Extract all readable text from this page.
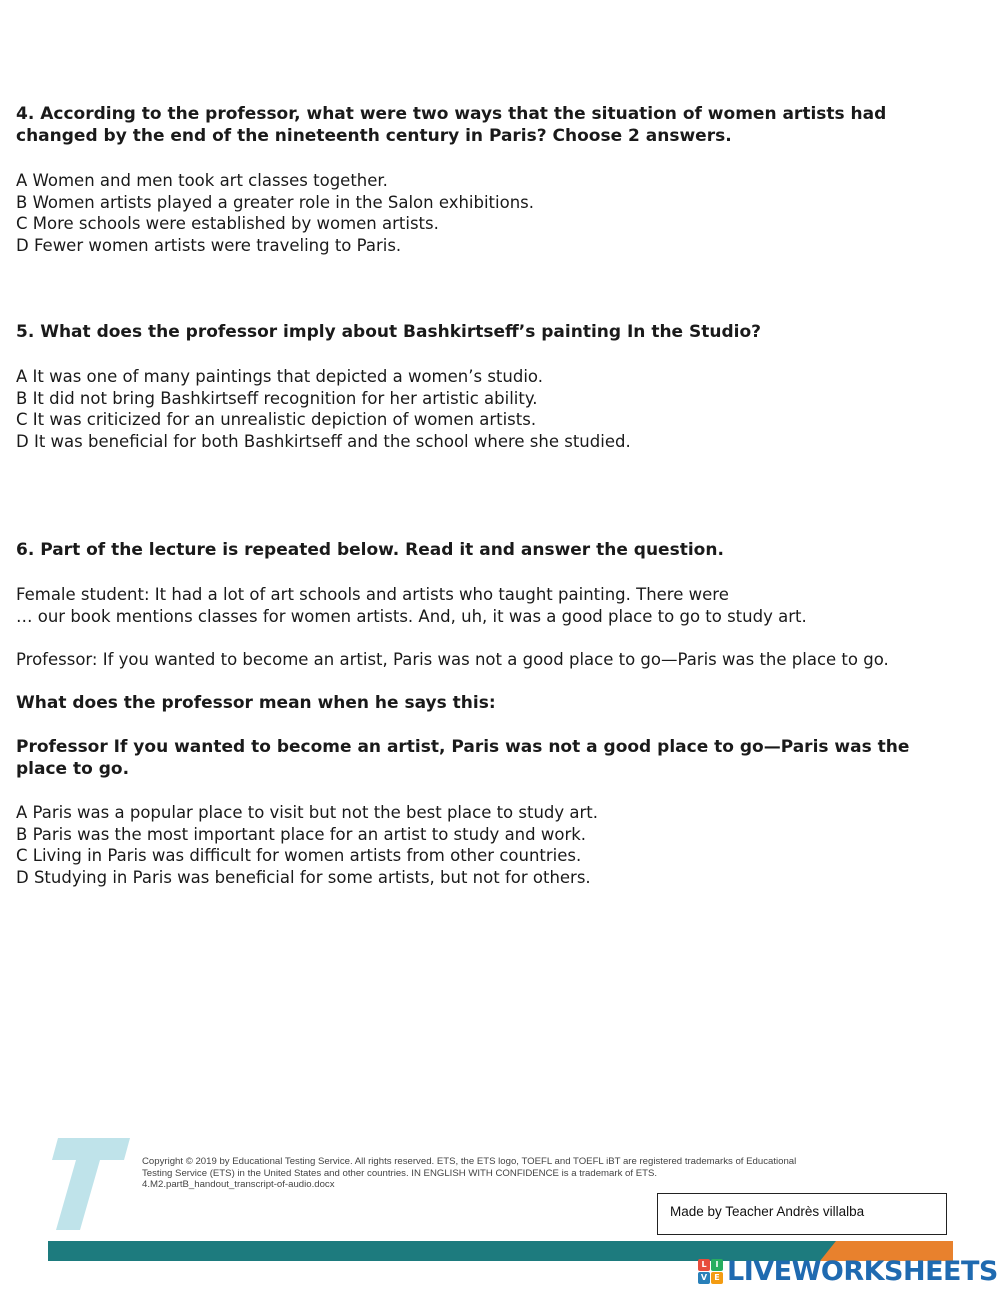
4. According to the professor, what were two ways that the situation of women artists had

changed by the end of the nineteenth century in Paris? Choose 2 answers.

A Women and men took art classes together.

B Women artists played a greater role in the Salon exhibitions.

C More schools were established by women artists.

D Fewer women artists were traveling to Paris.

5. What does the professor imply about Bashkirtseff’s painting In the Studio?

A It was one of many paintings that depicted a women’s studio.

B It did not bring Bashkirtseff recognition for her artistic ability.

C It was criticized for an unrealistic depiction of women artists.

D It was beneficial for both Bashkirtseff and the school where she studied.

6. Part of the lecture is repeated below. Read it and answer the question.

Female student: It had a lot of art schools and artists who taught painting. There were

… our book mentions classes for women artists. And, uh, it was a good place to go to study art.

Professor: If you wanted to become an artist, Paris was not a good place to go—Paris was the place to go.

What does the professor mean when he says this:

Professor If you wanted to become an artist, Paris was not a good place to go—Paris was the

place to go.

A Paris was a popular place to visit but not the best place to study art.

B Paris was the most important place for an artist to study and work.

C Living in Paris was difficult for women artists from other countries.

D Studying in Paris was beneficial for some artists, but not for others.

Copyright © 2019 by Educational Testing Service. All rights reserved. ETS, the ETS logo, TOEFL and TOEFL iBT are registered trademarks of Educational
Testing Service (ETS) in the United States and other countries. IN ENGLISH WITH CONFIDENCE is a trademark of ETS.
4.M2.partB_handout_transcript-of-audio.docx
Made by Teacher Andrès villalba
L	I
V E LIVEWORKSHEETS
